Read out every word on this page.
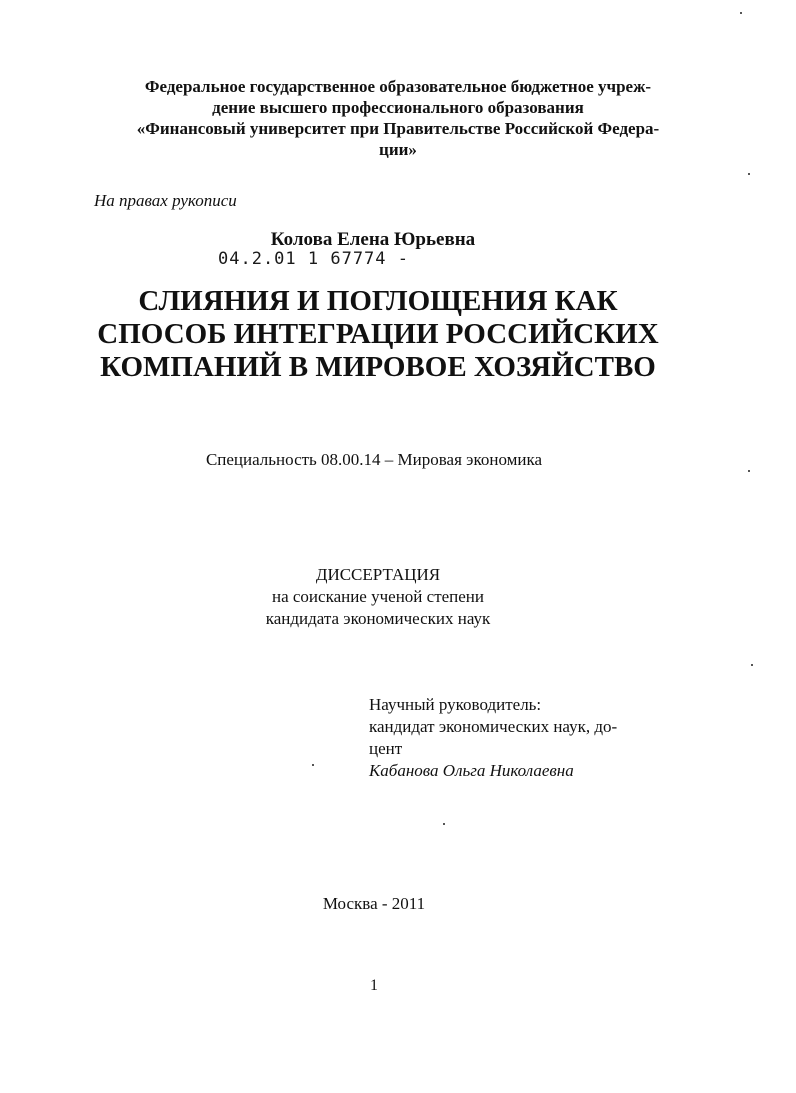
Федеральное государственное образовательное бюджетное учреж-
дение высшего профессионального образования
«Финансовый университет при Правительстве Российской Федера-
ции»
На правах рукописи
Колова Елена Юрьевна
04.2.01 1 67774 -
СЛИЯНИЯ И ПОГЛОЩЕНИЯ КАК
СПОСОБ ИНТЕГРАЦИИ РОССИЙСКИХ
КОМПАНИЙ В МИРОВОЕ ХОЗЯЙСТВО
Специальность 08.00.14 – Мировая экономика
ДИССЕРТАЦИЯ
на соискание ученой степени
кандидата экономических наук
Научный руководитель:
кандидат экономических наук, до-
цент
Кабанова Ольга Николаевна
Москва - 2011
1
